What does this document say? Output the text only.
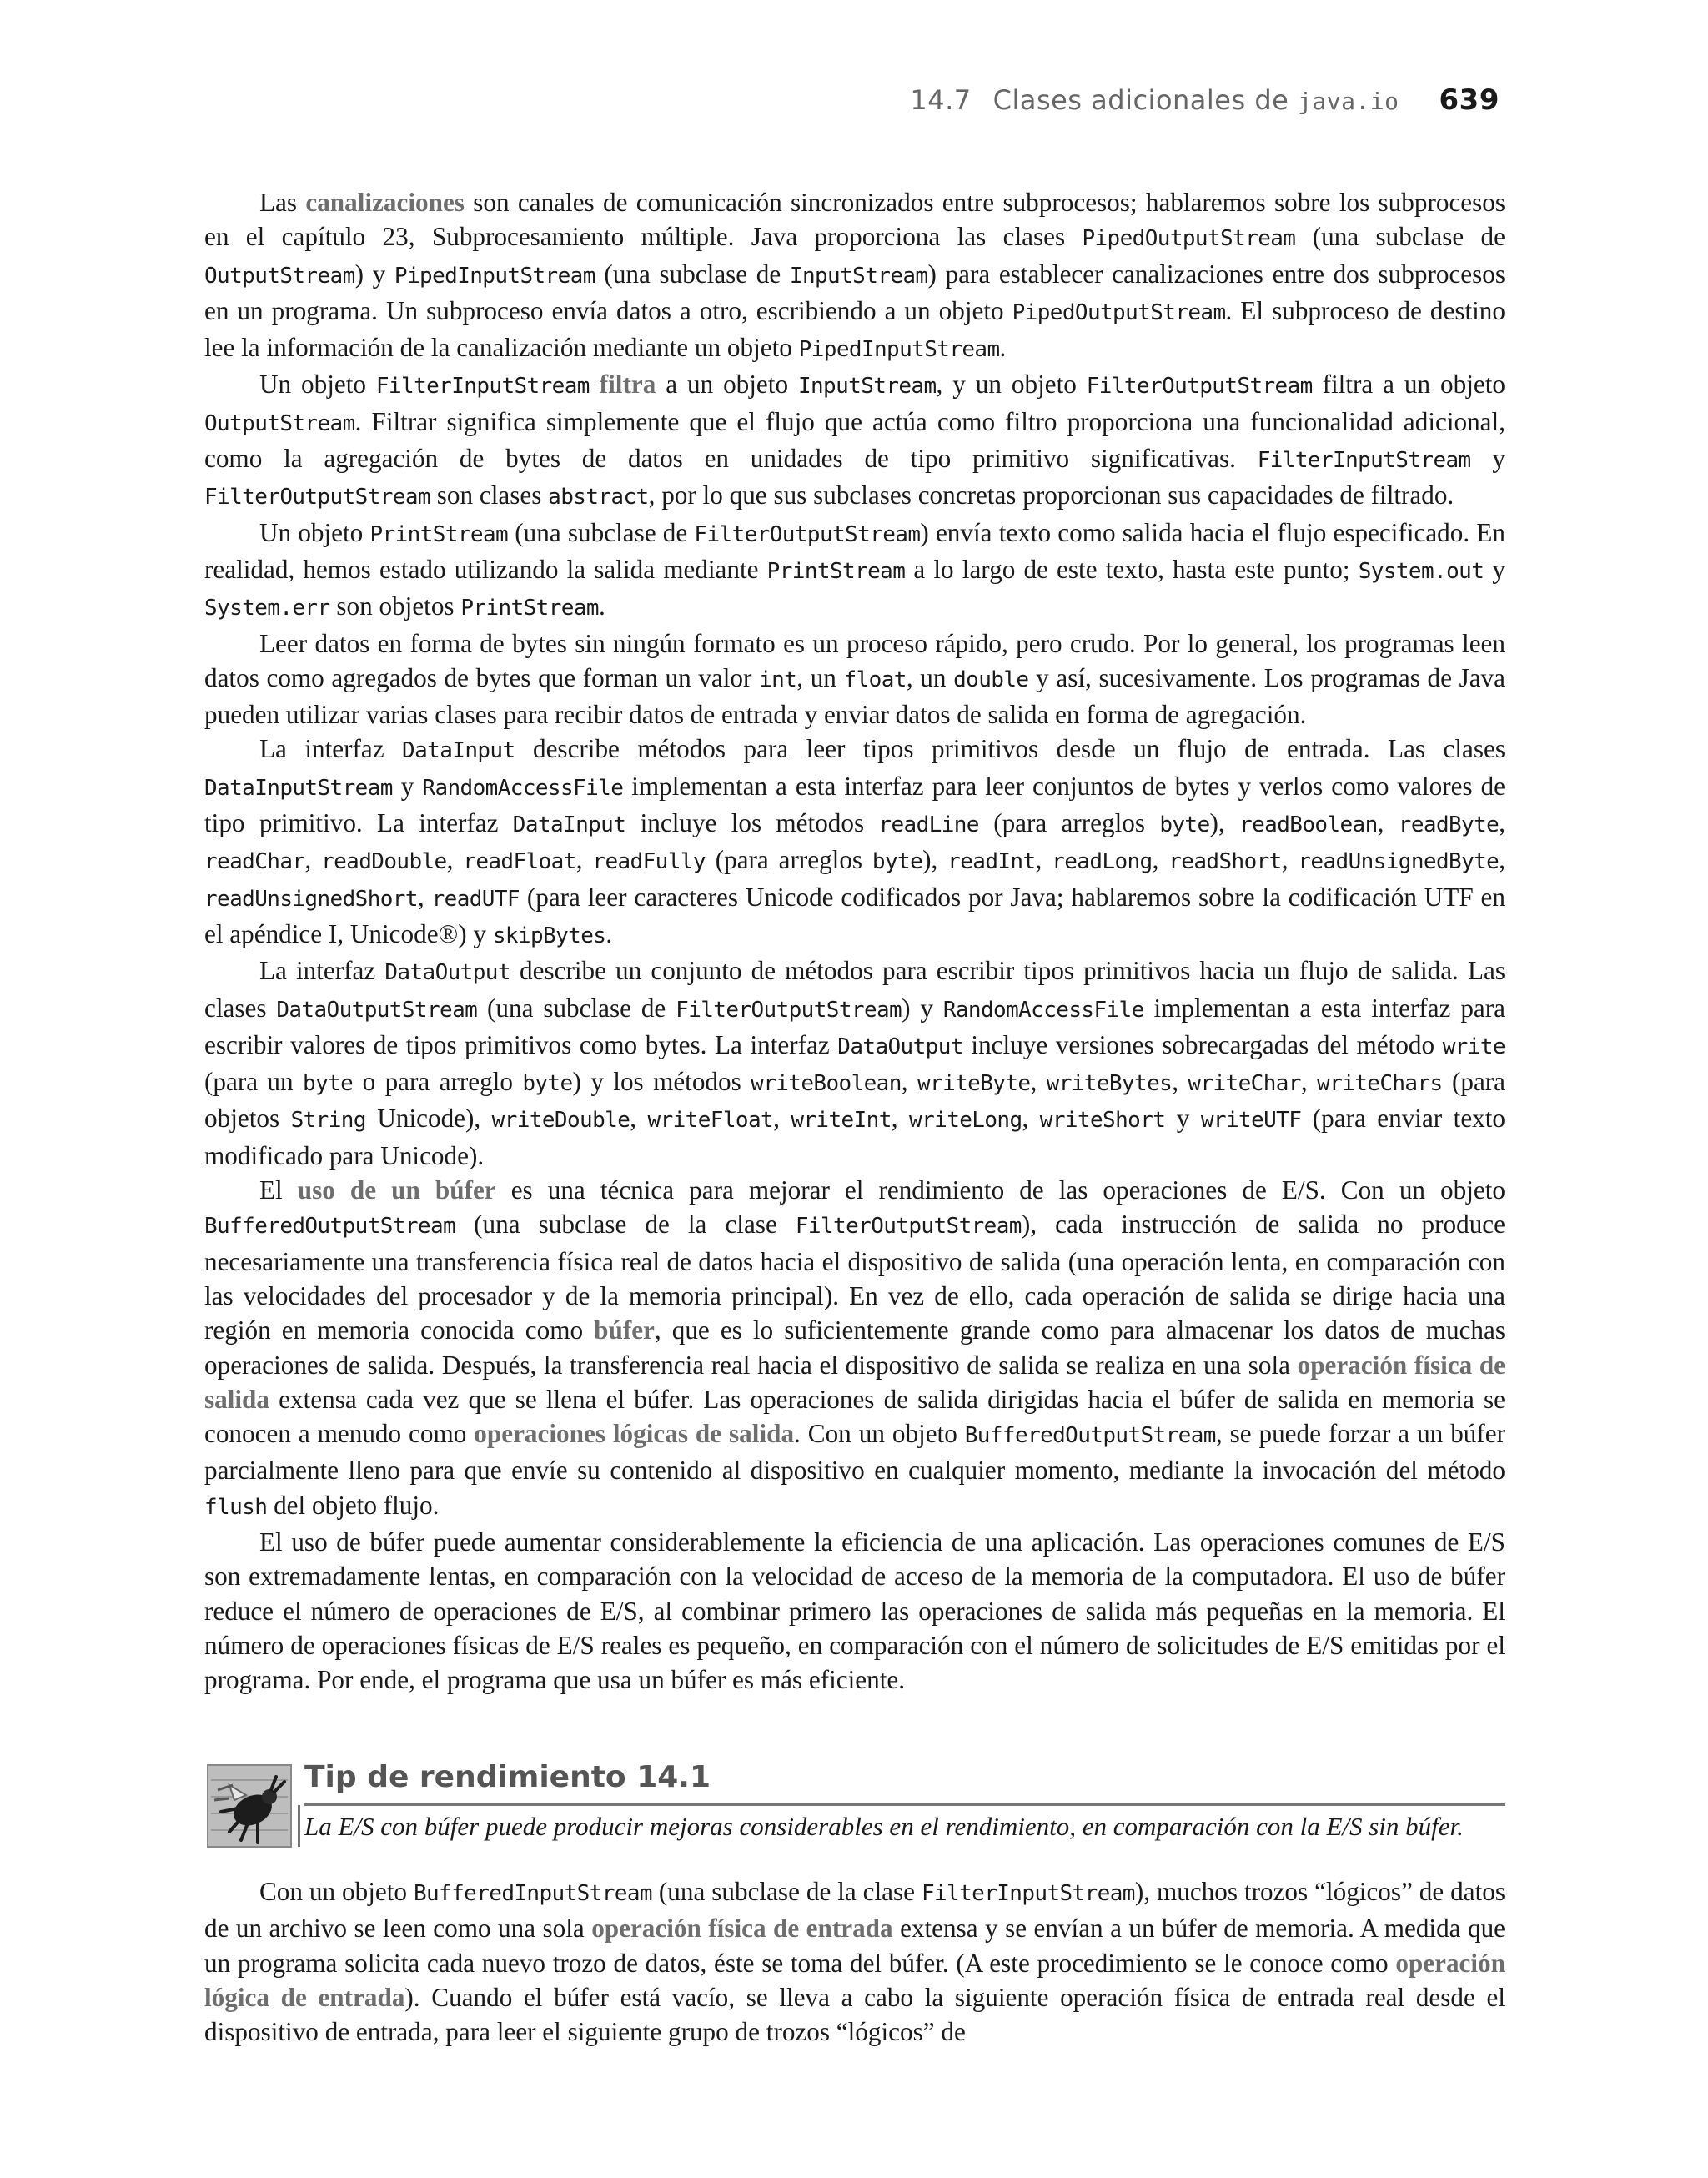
14.7 Clases adicionales de java.io 639

Las canalizaciones son canales de comunicación sincronizados entre subprocesos; hablaremos sobre los subprocesos en el capítulo 23, Subprocesamiento múltiple. Java proporciona las clases PipedOutputStream (una subclase de OutputStream) y PipedInputStream (una subclase de InputStream) para establecer canalizaciones entre dos subprocesos en un programa. Un subproceso envía datos a otro, escribiendo a un objeto PipedOutputStream. El subproceso de destino lee la información de la canalización mediante un objeto PipedInputStream.

Un objeto FilterInputStream filtra a un objeto InputStream, y un objeto FilterOutputStream filtra a un objeto OutputStream. Filtrar significa simplemente que el flujo que actúa como filtro proporciona una funcionalidad adicional, como la agregación de bytes de datos en unidades de tipo primitivo significativas. FilterInputStream y FilterOutputStream son clases abstract, por lo que sus subclases concretas proporcionan sus capacidades de filtrado.

Un objeto PrintStream (una subclase de FilterOutputStream) envía texto como salida hacia el flujo especificado. En realidad, hemos estado utilizando la salida mediante PrintStream a lo largo de este texto, hasta este punto; System.out y System.err son objetos PrintStream.

Leer datos en forma de bytes sin ningún formato es un proceso rápido, pero crudo. Por lo general, los programas leen datos como agregados de bytes que forman un valor int, un float, un double y así, sucesivamente. Los programas de Java pueden utilizar varias clases para recibir datos de entrada y enviar datos de salida en forma de agregación.

La interfaz DataInput describe métodos para leer tipos primitivos desde un flujo de entrada. Las clases DataInputStream y RandomAccessFile implementan a esta interfaz para leer conjuntos de bytes y verlos como valores de tipo primitivo. La interfaz DataInput incluye los métodos readLine (para arreglos byte), readBoolean, readByte, readChar, readDouble, readFloat, readFully (para arreglos byte), readInt, readLong, readShort, readUnsignedByte, readUnsignedShort, readUTF (para leer caracteres Unicode codificados por Java; hablaremos sobre la codificación UTF en el apéndice I, Unicode®) y skipBytes.

La interfaz DataOutput describe un conjunto de métodos para escribir tipos primitivos hacia un flujo de salida. Las clases DataOutputStream (una subclase de FilterOutputStream) y RandomAccessFile implementan a esta interfaz para escribir valores de tipos primitivos como bytes. La interfaz DataOutput incluye versiones sobrecargadas del método write (para un byte o para arreglo byte) y los métodos writeBoolean, writeByte, writeBytes, writeChar, writeChars (para objetos String Unicode), writeDouble, writeFloat, writeInt, writeLong, writeShort y writeUTF (para enviar texto modificado para Unicode).

El uso de un búfer es una técnica para mejorar el rendimiento de las operaciones de E/S. Con un objeto BufferedOutputStream (una subclase de la clase FilterOutputStream), cada instrucción de salida no produce necesariamente una transferencia física real de datos hacia el dispositivo de salida (una operación lenta, en comparación con las velocidades del procesador y de la memoria principal). En vez de ello, cada operación de salida se dirige hacia una región en memoria conocida como búfer, que es lo suficientemente grande como para almacenar los datos de muchas operaciones de salida. Después, la transferencia real hacia el dispositivo de salida se realiza en una sola operación física de salida extensa cada vez que se llena el búfer. Las operaciones de salida dirigidas hacia el búfer de salida en memoria se conocen a menudo como operaciones lógicas de salida. Con un objeto BufferedOutputStream, se puede forzar a un búfer parcialmente lleno para que envíe su contenido al dispositivo en cualquier momento, mediante la invocación del método flush del objeto flujo.

El uso de búfer puede aumentar considerablemente la eficiencia de una aplicación. Las operaciones comunes de E/S son extremadamente lentas, en comparación con la velocidad de acceso de la memoria de la computadora. El uso de búfer reduce el número de operaciones de E/S, al combinar primero las operaciones de salida más pequeñas en la memoria. El número de operaciones físicas de E/S reales es pequeño, en comparación con el número de solicitudes de E/S emitidas por el programa. Por ende, el programa que usa un búfer es más eficiente.

Tip de rendimiento 14.1
La E/S con búfer puede producir mejoras considerables en el rendimiento, en comparación con la E/S sin búfer.

Con un objeto BufferedInputStream (una subclase de la clase FilterInputStream), muchos trozos “lógicos” de datos de un archivo se leen como una sola operación física de entrada extensa y se envían a un búfer de memoria. A medida que un programa solicita cada nuevo trozo de datos, éste se toma del búfer. (A este procedimiento se le conoce como operación lógica de entrada). Cuando el búfer está vacío, se lleva a cabo la siguiente operación física de entrada real desde el dispositivo de entrada, para leer el siguiente grupo de trozos “lógicos” de
